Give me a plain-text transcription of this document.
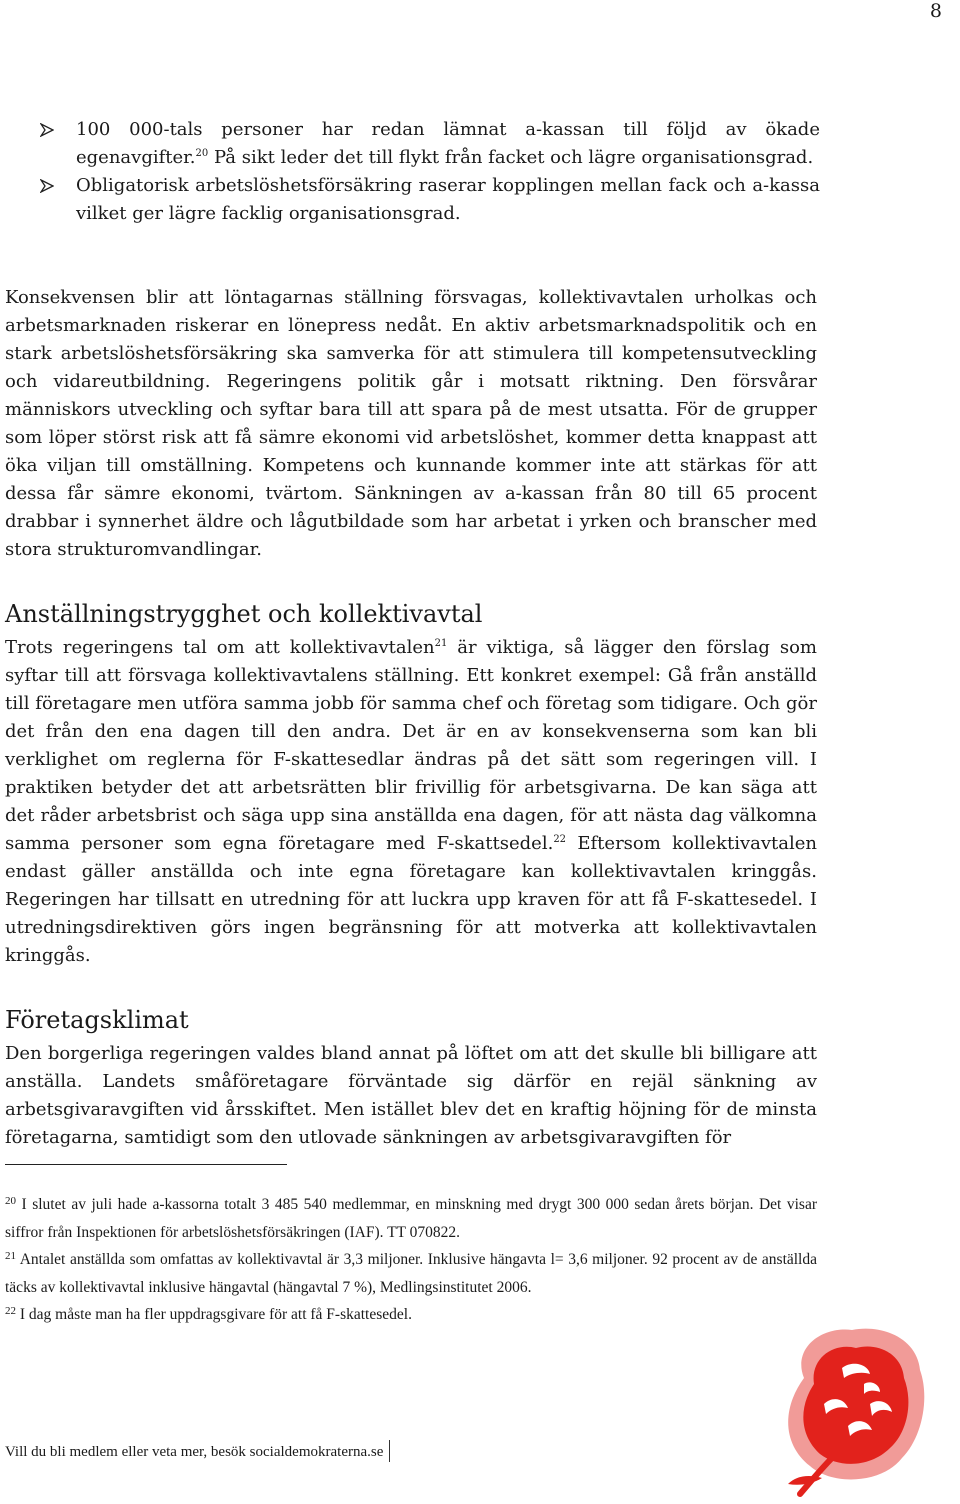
8
100 000-tals personer har redan lämnat a-kassan till följd av ökade egenavgifter.$^{20}$ På sikt leder det till flykt från facket och lägre organisationsgrad.
Obligatorisk arbetslöshetsförsäkring raserar kopplingen mellan fack och a-kassa vilket ger lägre facklig organisationsgrad.

Konsekvensen blir att löntagarnas ställning försvagas, kollektivavtalen urholkas och arbetsmarknaden riskerar en lönepress nedåt. En aktiv arbetsmarknadspolitik och en stark arbetslöshetsförsäkring ska samverka för att stimulera till kompetensutveckling och vidareutbildning. Regeringens politik går i motsatt riktning. Den försvårar människors utveckling och syftar bara till att spara på de mest utsatta. För de grupper som löper störst risk att få sämre ekonomi vid arbetslöshet, kommer detta knappast att öka viljan till omställning. Kompetens och kunnande kommer inte att stärkas för att dessa får sämre ekonomi, tvärtom. Sänkningen av a-kassan från 80 till 65 procent drabbar i synnerhet äldre och lågutbildade som har arbetat i yrken och branscher med stora strukturomvandlingar.

Anställningstrygghet och kollektivavtal

Trots regeringens tal om att kollektivavtalen$^{21}$ är viktiga, så lägger den förslag som syftar till att försvaga kollektivavtalens ställning. Ett konkret exempel: Gå från anställd till företagare men utföra samma jobb för samma chef och företag som tidigare. Och gör det från den ena dagen till den andra. Det är en av konsekvenserna som kan bli verklighet om reglerna för F-skattesedlar ändras på det sätt som regeringen vill. I praktiken betyder det att arbetsrätten blir frivillig för arbetsgivarna. De kan säga att det råder arbetsbrist och säga upp sina anställda ena dagen, för att nästa dag välkomna samma personer som egna företagare med F-skattsedel.$^{22}$ Eftersom kollektivavtalen endast gäller anställda och inte egna företagare kan kollektivavtalen kringgås. Regeringen har tillsatt en utredning för att luckra upp kraven för att få F-skattesedel. I utredningsdirektiven görs ingen begränsning för att motverka att kollektivavtalen kringgås.

Företagsklimat

Den borgerliga regeringen valdes bland annat på löftet om att det skulle bli billigare att anställa. Landets småföretagare förväntade sig därför en rejäl sänkning av arbetsgivaravgiften vid årsskiftet. Men istället blev det en kraftig höjning för de minsta företagarna, samtidigt som den utlovade sänkningen av arbetsgivaravgiften för

$^{20}$ I slutet av juli hade a-kassorna totalt 3 485 540 medlemmar, en minskning med drygt 300 000 sedan årets början. Det visar siffror från Inspektionen för arbetslöshetsförsäkringen (IAF). TT 070822.

$^{21}$ Antalet anställda som omfattas av kollektivavtal är 3,3 miljoner. Inklusive hängavta l= 3,6 miljoner. 92 procent av de anställda täcks av kollektivavtal inklusive hängavtal (hängavtal 7 %), Medlingsinstitutet 2006.

$^{22}$ I dag måste man ha fler uppdragsgivare för att få F-skattesedel.

Vill du bli medlem eller veta mer, besök socialdemokraterna.se
